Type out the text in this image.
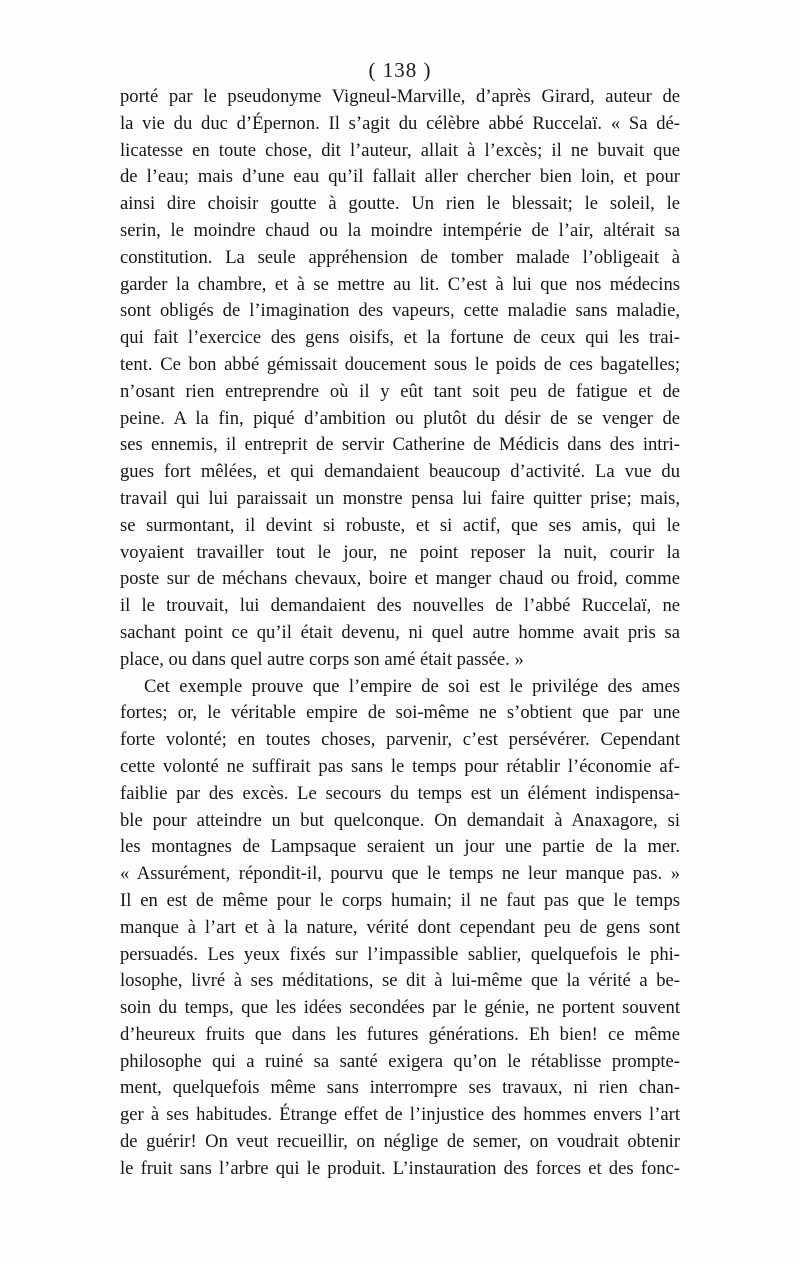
( 138 )
porté par le pseudonyme Vigneul-Marville, d’après Girard, auteur de
la vie du duc d’Épernon. Il s’agit du célèbre abbé Ruccelaï. « Sa dé-
licatesse en toute chose, dit l’auteur, allait à l’excès; il ne buvait que
de l’eau; mais d’une eau qu’il fallait aller chercher bien loin, et pour
ainsi dire choisir goutte à goutte. Un rien le blessait; le soleil, le
serin, le moindre chaud ou la moindre intempérie de l’air, altérait sa
constitution. La seule appréhension de tomber malade l’obligeait à
garder la chambre, et à se mettre au lit. C’est à lui que nos médecins
sont obligés de l’imagination des vapeurs, cette maladie sans maladie,
qui fait l’exercice des gens oisifs, et la fortune de ceux qui les trai-
tent. Ce bon abbé gémissait doucement sous le poids de ces bagatelles;
n’osant rien entreprendre où il y eût tant soit peu de fatigue et de
peine. A la fin, piqué d’ambition ou plutôt du désir de se venger de
ses ennemis, il entreprit de servir Catherine de Médicis dans des intri-
gues fort mêlées, et qui demandaient beaucoup d’activité. La vue du
travail qui lui paraissait un monstre pensa lui faire quitter prise; mais,
se surmontant, il devint si robuste, et si actif, que ses amis, qui le
voyaient travailler tout le jour, ne point reposer la nuit, courir la
poste sur de méchans chevaux, boire et manger chaud ou froid, comme
il le trouvait, lui demandaient des nouvelles de l’abbé Ruccelaï, ne
sachant point ce qu’il était devenu, ni quel autre homme avait pris sa
place, ou dans quel autre corps son amé était passée. »
Cet exemple prouve que l’empire de soi est le privilége des ames
fortes; or, le véritable empire de soi-même ne s’obtient que par une
forte volonté; en toutes choses, parvenir, c’est persévérer. Cependant
cette volonté ne suffirait pas sans le temps pour rétablir l’économie af-
faiblie par des excès. Le secours du temps est un élément indispensa-
ble pour atteindre un but quelconque. On demandait à Anaxagore, si
les montagnes de Lampsaque seraient un jour une partie de la mer.
« Assurément, répondit-il, pourvu que le temps ne leur manque pas. »
Il en est de même pour le corps humain; il ne faut pas que le temps
manque à l’art et à la nature, vérité dont cependant peu de gens sont
persuadés. Les yeux fixés sur l’impassible sablier, quelquefois le phi-
losophe, livré à ses méditations, se dit à lui-même que la vérité a be-
soin du temps, que les idées secondées par le génie, ne portent souvent
d’heureux fruits que dans les futures générations. Eh bien! ce même
philosophe qui a ruiné sa santé exigera qu’on le rétablisse prompte-
ment, quelquefois même sans interrompre ses travaux, ni rien chan-
ger à ses habitudes. Étrange effet de l’injustice des hommes envers l’art
de guérir! On veut recueillir, on néglige de semer, on voudrait obtenir
le fruit sans l’arbre qui le produit. L’instauration des forces et des fonc-
